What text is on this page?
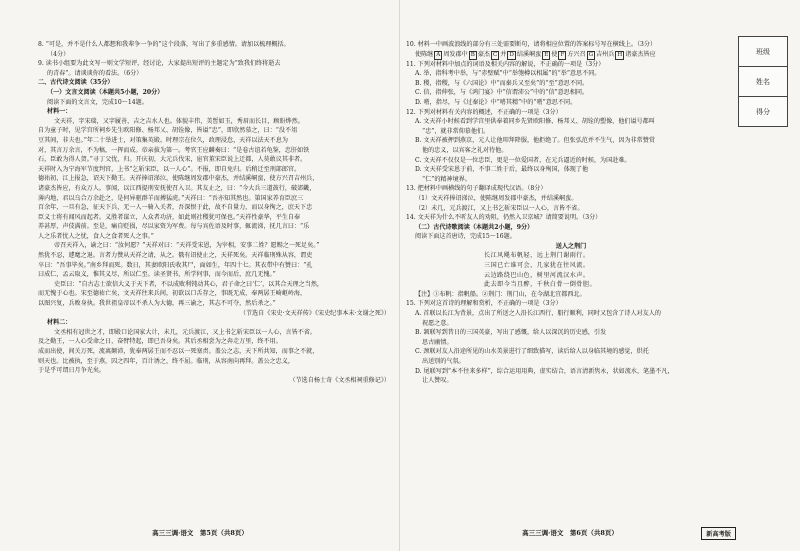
8. “可是，并不是什么人都想和我辈争一争的”这个段落，写出了多重感情。请加以梳理概括。

（4分）

9. 读书小组要为此文写一则文学短评，经讨论，大家提出短评的主题定为“致我们终将逝去

的青春”。请谈谈你的看法。（6分）

二、古代诗文阅读（35分）

（一）文言文阅读（本题共5小题，20分）

阅读下面的文言文，完成10～14题。

材料一：

文天祥，字宋瑞，又字履善，吉之吉水人也。体貌丰伟，美皙如玉，秀眉而长目，顾盼烨然。

自为童子时，见学宫所祠乡先生欧阳修、杨邦乂、胡铨像，皆谥“忠”，即欣然慕之，曰：“没不俎

豆其间，非夫也。”年二十举进士，对策集英殿。时理宗在位久，政理浸怠，天祥以法天不息为

对，其言万余言，不为稿，一挥而成。帝亲拔为第一。考官王应麟奏曰：“是卷古谊若龟鉴，忠肝如铁

石，臣敢为得人贺。”寻丁父忧，归。开庆初，大元兵伐宋，宦官董宋臣说上迁都，人莫敢议其非者。

天祥时入为宁海军节度判官，上书“乞斩宋臣，以一人心”。不报，即自免归。后稍迁至刑部郎官。

德祐初，江上报急，诏天下勤王。天祥捧诏涕泣，使陈继周发郡中豪杰，并结溪峒蛮，使方兴召吉州兵，

诸豪杰皆应，有众万人。事闻，以江西提刑安抚使召入卫。其友止之，曰：“今大兵三道鼓行，破郊畿，

薄内地，君以乌合万余赴之，是何异驱群羊而搏猛虎。”天祥曰：“吾亦知其然也。第国家养育臣庶三

百余年，一旦有急，征天下兵，无一人一骑入关者，吾深恨于此，故不自量力，而以身徇之，庶天下忠

臣义士将有闻风而起者。义胜者谋立，人众者功济，如此则社稷犹可保也。”天祥性豪华，平生自奉

养甚厚，声伎满前。至是，痛自贬损，尽以家资为军费。每与宾佐语及时事，辄流涕，抚几言曰：“乐

人之乐者忧人之忧，食人之食者死人之事。”

帝召天祥入，谕之曰：“汝何愿？”天祥对曰：“天祥受宋恩，为宰相，安事二姓？愿赐之一死足矣。”

然犹不忍，遽麾之退。言者力赞从天祥之请，从之。俄有诏使止之，天祥死矣。天祥临刑殊从容，谓吏

卒曰：“吾事毕矣。”南乡拜而死。数日，其妻欧阳氏收其尸，面如生，年四十七。其衣带中有赞曰：“孔

曰成仁，孟云取义，惟其义尽，所以仁至。读圣贤书，所学何事，而今而后，庶几无愧。”

史臣曰：“自古志士欲信大义于天下者，不以成败利钝动其心，君子命之曰‘仁’，以其合天理之当然，

而无愧于心也。宋至德祐亡矣，文天祥往来兵间，初欲以口舌存之，事既无成，奉两孱王崎岖岭海，

以图兴复，兵败身执。我世祖皇帝以不杀人为大德，再三谕之，其志不可夺，然后杀之。”

（节选自《宋史·文天祥传》《宋史纪事本末·文谢之死》）

材料二：

文丞相有冠世之才，即殿口论国家大计，未几，元兵渡江，又上书乞斩宋臣以一人心，言皆不省。

及之勤王，一人心受命之日，奋臂特起，即已吾身矣。其后丞相尝为之奔走万里，终不用。

成而出使，间关万死，流离颠沛，犹奉两孱王而不忍以一死塞责。盖公之志，天下所共知，而事之不就，

则天也。比被执，至于燕，囚之四年，百计诱之，终不屈。临刑，从容南向再拜。盖公之忠义，

于是乎可谓日月争光矣。

（节选自杨士奇《文丞相祠重修记》）

高三三调·语文　第5页（共8页）

10. 材料一中画波浪线的部分有三处需要断句，请将相应位置的答案标号写在横线上。（3分）

使陈继 A 周发郡中 B 豪杰 C 并 D 结溪峒蛮 E 使 F 方兴召 G 吉州兵 H 诸豪杰皆应

11. 下列对材料中加点的词语及相关内容的解说，不正确的一项是（3分）

A. 举，指科考中举，与“赤壁赋”中“举匏樽以相属”的“举”意思不同。

B. 稷，指稷，与《六国论》中“而秦兵又至矣”的“至”意思不同。

C. 信，指伸张，与《鸿门宴》中“信谓沛公”中的“信”意思相同。

D. 嗜，指尽，与《过秦论》中“嗜其精”中的“嗜”意思不同。

12. 下列对材料有关内容的概述，不正确的一项是（3分）

A. 文天祥小时候看到学宫里供奉着同乡先贤欧阳修、杨邦乂、胡铨的塑像，他们谥号都叫

“忠”，就非常仰慕他们。

B. 文天祥被押到燕京，元人让他叩拜降服，他拒绝了。但张弘范并不生气，因为非常赞赏

他的忠义，以宾客之礼对待他。

C. 文天祥不仅仅是一位忠臣，更是一位爱国者，在元兵逼近的时候，为国赴难。

D. 文天祥受宋恩于前，不事二姓于后，最终以身殉国，体现了他

“仁”的精神境界。

13. 把材料中画横线的句子翻译成现代汉语。（8分）

（1）文天祥捧诏涕泣，使陈继周发郡中豪杰，并结溪峒蛮。

（2）未几，元兵渡江，又上书乞斩宋臣以一人心，言皆不省。

14. 文天祥为什么不听友人的劝阻，仍然入卫京城？请简要说明。（3分）

（二）古代诗歌阅读（本题共2小题，9分）

阅读下面这首唐诗，完成15～16题。

送人之荆门　　　　

长江风飓布帆轻，远上荆门谢雨行。

三国已亡谁可会，几家犹在往风流。

云边路绕巴山色，树里河流汉水声。

此去即今当且醉，千秋白骨一倒骨胆。

【注】①布帆：指帆船。②荆门：荆门山，在今湖北宜都西北。

15. 下列对这首诗的理解和赏析，不正确的一项是（3分）

A. 首联以长江为背景，点出了所送之人沿长江西行，船行顺利，同时又包含了诗人对友人的

祝愿之意。

B. 颔联写到昔日的三国英豪，写出了感慨，给人以深沉的历史感，引发

思古幽情。

C. 颈联对友人沿途所见的山水美景进行了细致描写，读后给人以身临其境的感觉，烘托

出送别的气氛。

D. 尾联写到“本不往来多样”，综合运用用典，虚实结合，语言清新隽永，状如流水，笔墨不凡，

让人赞叹。

班级
姓名
得分
高三三调·语文　第6页（共8页）	新高考版
